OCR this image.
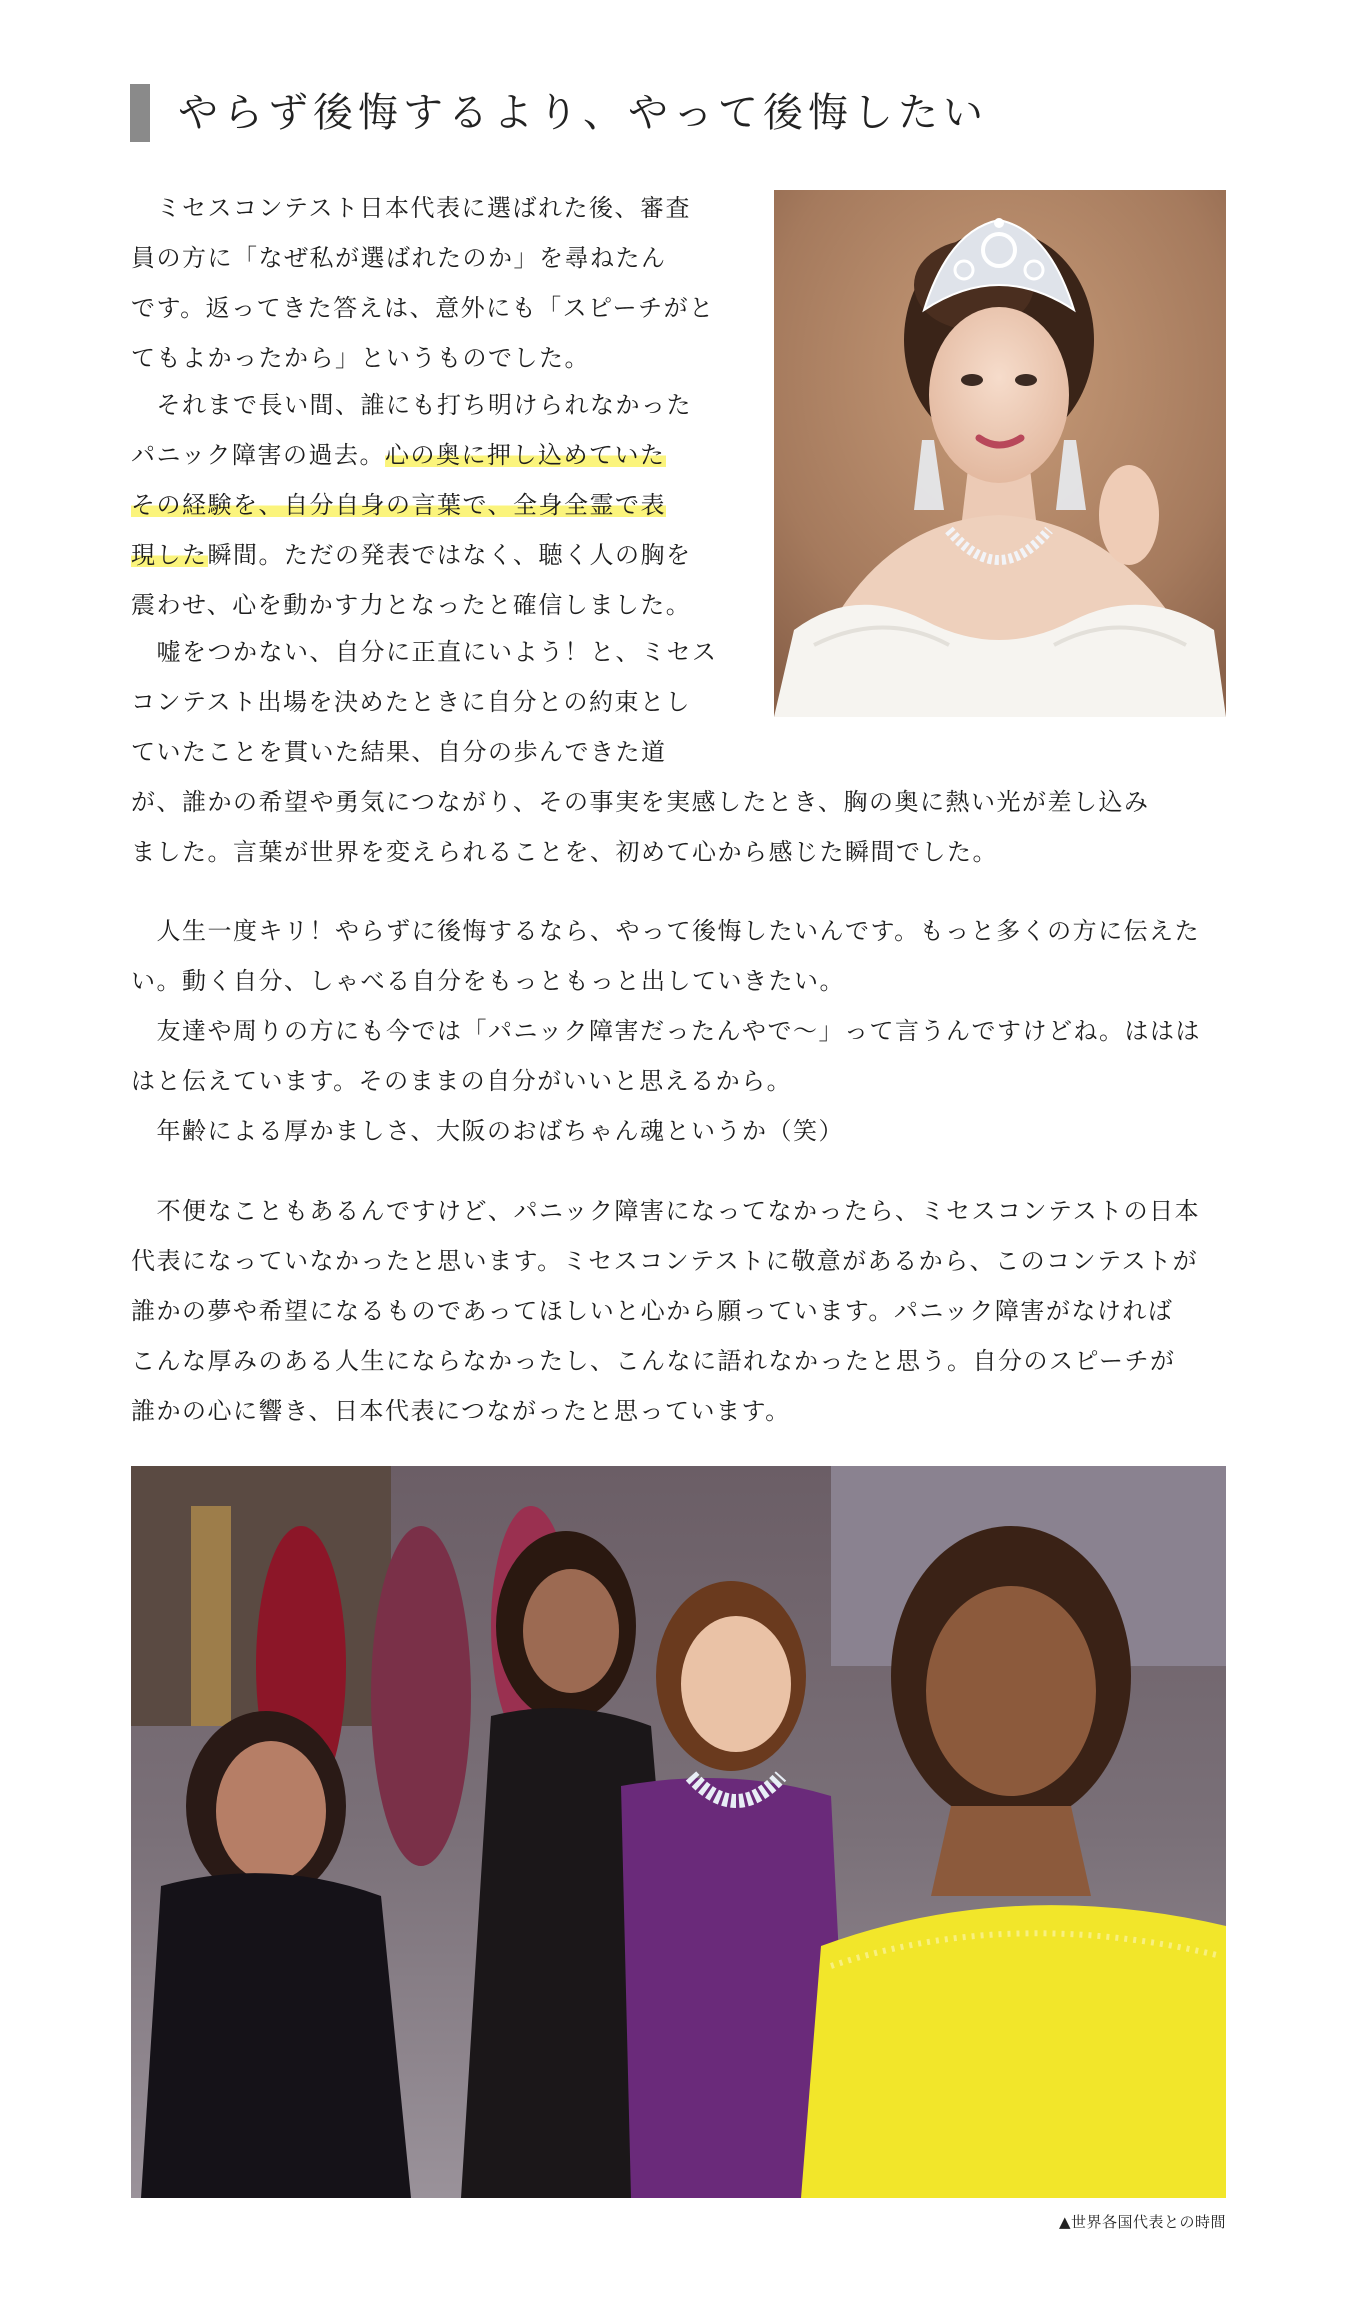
やらず後悔するより、やって後悔したい
　ミセスコンテスト日本代表に選ばれた後、審査
員の方に「なぜ私が選ばれたのか」を尋ねたん
です。返ってきた答えは、意外にも「スピーチがと
てもよかったから」というものでした。
　それまで長い間、誰にも打ち明けられなかった
パニック障害の過去。心の奥に押し込めていた
その経験を、自分自身の言葉で、全身全霊で表
現した瞬間。ただの発表ではなく、聴く人の胸を
震わせ、心を動かす力となったと確信しました。
　嘘をつかない、自分に正直にいよう！と、ミセス
コンテスト出場を決めたときに自分との約束とし
ていたことを貫いた結果、自分の歩んできた道
が、誰かの希望や勇気につながり、その事実を実感したとき、胸の奥に熱い光が差し込み
ました。言葉が世界を変えられることを、初めて心から感じた瞬間でした。
　人生一度キリ！やらずに後悔するなら、やって後悔したいんです。もっと多くの方に伝えた
い。動く自分、しゃべる自分をもっともっと出していきたい。
　友達や周りの方にも今では「パニック障害だったんやで〜」って言うんですけどね。ははは
はと伝えています。そのままの自分がいいと思えるから。
　年齢による厚かましさ、大阪のおばちゃん魂というか（笑）
　不便なこともあるんですけど、パニック障害になってなかったら、ミセスコンテストの日本
代表になっていなかったと思います。ミセスコンテストに敬意があるから、このコンテストが
誰かの夢や希望になるものであってほしいと心から願っています。パニック障害がなければ
こんな厚みのある人生にならなかったし、こんなに語れなかったと思う。自分のスピーチが
誰かの心に響き、日本代表につながったと思っています。
▲世界各国代表との時間
